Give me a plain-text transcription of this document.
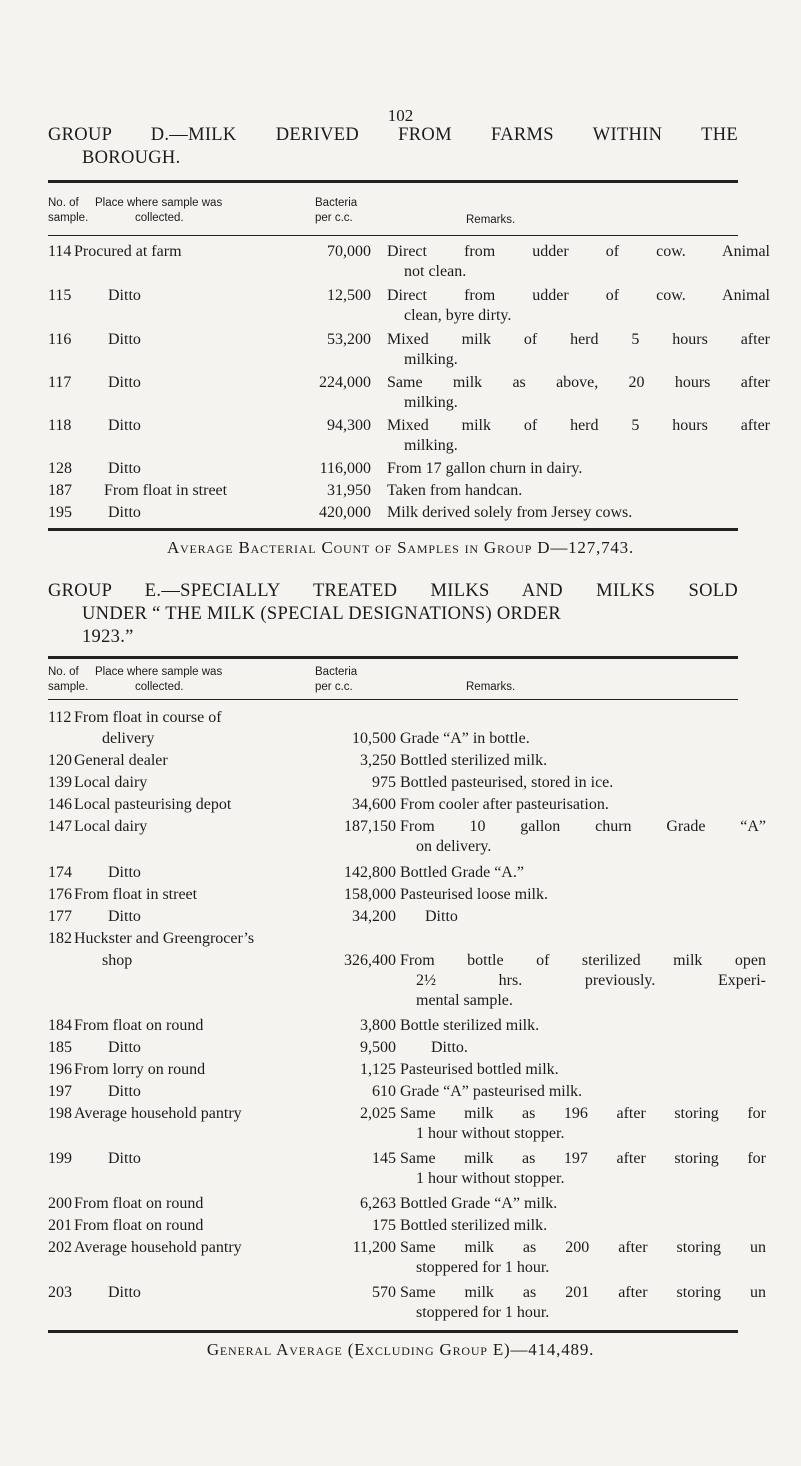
102
GROUP D.—MILK DERIVED FROM FARMS WITHIN THE
BOROUGH.
No. of
sample.
Place where sample was
collected.
Bacteria
per c.c.	Remarks.
114 Procured at farm	70,000 Direct from udder of cow. Animal
not clean.
115 Ditto	12,500 Direct from udder of cow. Animal
clean, byre dirty.
116 Ditto	53,200 Mixed milk of herd 5 hours after
milking.
117 Ditto	224,000 Same milk as above, 20 hours after
milking.
118 Ditto	94,300 Mixed milk of herd 5 hours after
milking.
128 Ditto	116,000 From 17 gallon churn in dairy.
187 From float in street	31,950 Taken from handcan.
195 Ditto	420,000 Milk derived solely from Jersey cows.
Average Bacterial Count of Samples in Group D—127,743.
GROUP E.—SPECIALLY TREATED MILKS AND MILKS SOLD
UNDER “ THE MILK (SPECIAL DESIGNATIONS) ORDER
1923.”
No. of
sample.
Place where sample was
collected.
Bacteria
per c.c.	Remarks.
112 From float in course of
delivery	10,500 Grade “A” in bottle.
120 General dealer	3,250 Bottled sterilized milk.
139 Local dairy	975 Bottled pasteurised, stored in ice.
146 Local pasteurising depot	34,600 From cooler after pasteurisation.
147 Local dairy	187,150 From 10 gallon churn Grade “A”
on delivery.
174 Ditto	142,800 Bottled Grade “A.”
176 From float in street	158,000 Pasteurised loose milk.
177 Ditto	34,200 Ditto
182 Huckster and Greengrocer’s
shop	326,400 From bottle of sterilized milk open
2½ hrs. previously. Experi-
mental sample.
184 From float on round	3,800 Bottle sterilized milk.
185 Ditto	9,500 Ditto.
196 From lorry on round	1,125 Pasteurised bottled milk.
197 Ditto	610 Grade “A” pasteurised milk.
198 Average household pantry	2,025 Same milk as 196 after storing for
1 hour without stopper.
199 Ditto	145 Same milk as 197 after storing for
1 hour without stopper.
200 From float on round	6,263 Bottled Grade “A” milk.
201 From float on round	175 Bottled sterilized milk.
202 Average household pantry	11,200 Same milk as 200 after storing un
stoppered for 1 hour.
203 Ditto	570 Same milk as 201 after storing un
stoppered for 1 hour.
General Average (Excluding Group E)—414,489.
